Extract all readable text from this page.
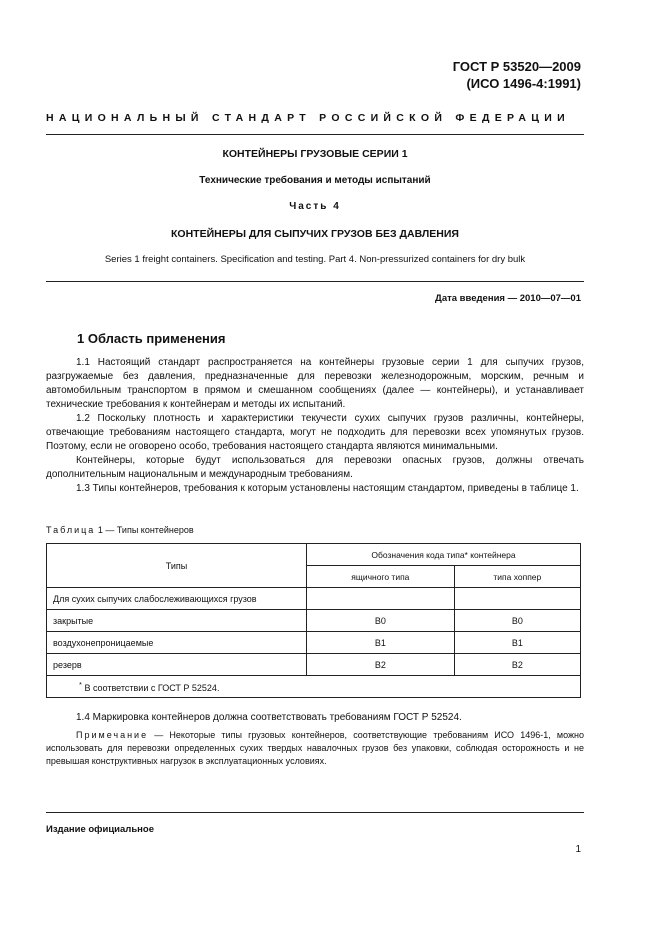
ГОСТ Р 53520—2009
(ИСО 1496-4:1991)
НАЦИОНАЛЬНЫЙ СТАНДАРТ РОССИЙСКОЙ ФЕДЕРАЦИИ
КОНТЕЙНЕРЫ ГРУЗОВЫЕ СЕРИИ 1
Технические требования и методы испытаний
Часть 4
КОНТЕЙНЕРЫ ДЛЯ СЫПУЧИХ ГРУЗОВ БЕЗ ДАВЛЕНИЯ
Series 1 freight containers. Specification and testing. Part 4. Non-pressurized containers for dry bulk
Дата введения — 2010—07—01
1 Область применения
1.1 Настоящий стандарт распространяется на контейнеры грузовые серии 1 для сыпучих грузов, разгружаемые без давления, предназначенные для перевозки железнодорожным, морским, речным и автомобильным транспортом в прямом и смешанном сообщениях (далее — контейнеры), и устанавливает технические требования к контейнерам и методы их испытаний.
1.2 Поскольку плотность и характеристики текучести сухих сыпучих грузов различны, контейнеры, отвечающие требованиям настоящего стандарта, могут не подходить для перевозки всех упомянутых грузов. Поэтому, если не оговорено особо, требования настоящего стандарта являются минимальными.
Контейнеры, которые будут использоваться для перевозки опасных грузов, должны отвечать дополнительным национальным и международным требованиям.
1.3 Типы контейнеров, требования к которым установлены настоящим стандартом, приведены в таблице 1.
Таблица 1 — Типы контейнеров
Типы	Обозначения кода типа* контейнера	
	ящичного типа	типа хоппер
Для сухих сыпучих слабослеживающихся грузов		
закрытые	B0	B0
воздухонепроницаемые	B1	B1
резерв	B2	B2
* В соответствии с ГОСТ Р 52524.		
1.4 Маркировка контейнеров должна соответствовать требованиям ГОСТ Р 52524.
Примечание — Некоторые типы грузовых контейнеров, соответствующие требованиям ИСО 1496-1, можно использовать для перевозки определенных сухих твердых навалочных грузов без упаковки, соблюдая осторожность и не превышая конструктивных нагрузок в эксплуатационных условиях.
Издание официальное
1
